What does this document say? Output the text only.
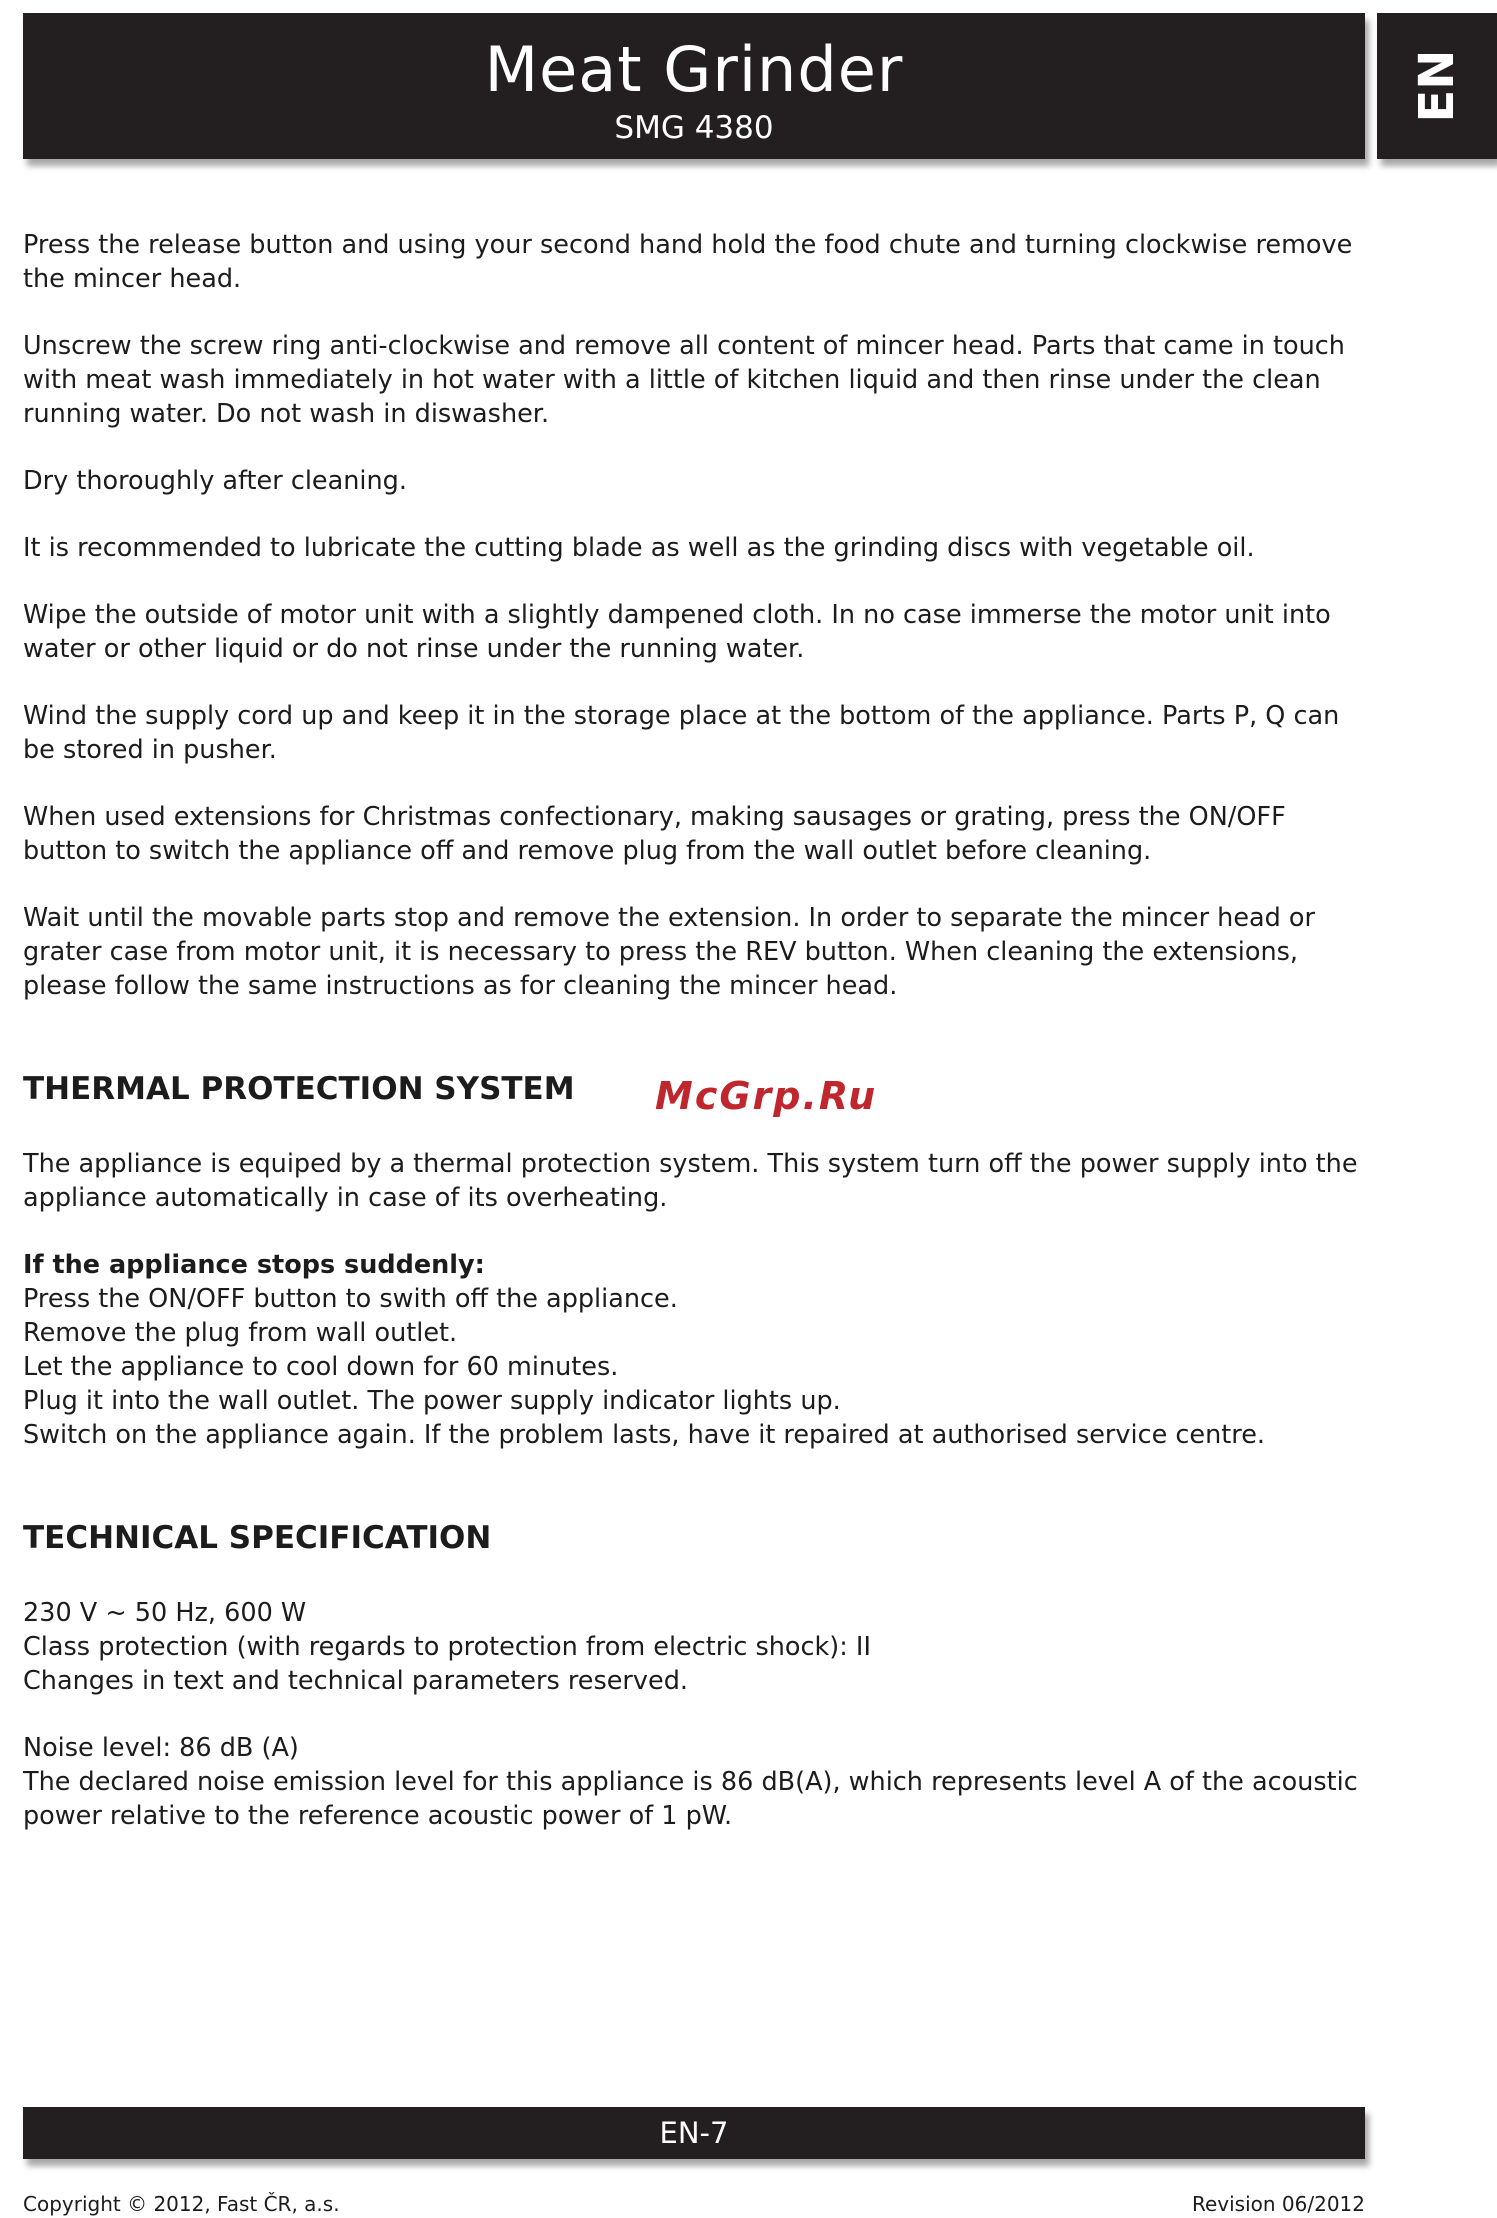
Meat Grinder
SMG 4380
EN

Press the release button and using your second hand hold the food chute and turning clockwise remove the mincer head.

Unscrew the screw ring anti-clockwise and remove all content of mincer head. Parts that came in touch with meat wash immediately in hot water with a little of kitchen liquid and then rinse under the clean running water. Do not wash in diswasher.

Dry thoroughly after cleaning.

It is recommended to lubricate the cutting blade as well as the grinding discs with vegetable oil.

Wipe the outside of motor unit with a slightly dampened cloth. In no case immerse the motor unit into water or other liquid or do not rinse under the running water.

Wind the supply cord up and keep it in the storage place at the bottom of the appliance. Parts P, Q can be stored in pusher.

When used extensions for Christmas confectionary, making sausages or grating, press the ON/OFF button to switch the appliance off and remove plug from the wall outlet before cleaning.

Wait until the movable parts stop and remove the extension. In order to separate the mincer head or grater case from motor unit, it is necessary to press the REV button. When cleaning the extensions, please follow the same instructions as for cleaning the mincer head.

THERMAL PROTECTION SYSTEM	McGrp.Ru

The appliance is equiped by a thermal protection system. This system turn off the power supply into the appliance automatically in case of its overheating.

If the appliance stops suddenly:
Press the ON/OFF button to swith off the appliance.
Remove the plug from wall outlet.
Let the appliance to cool down for 60 minutes.
Plug it into the wall outlet. The power supply indicator lights up.
Switch on the appliance again. If the problem lasts, have it repaired at authorised service centre.
TECHNICAL SPECIFICATION
230 V ~ 50 Hz, 600 W
Class protection (with regards to protection from electric shock): II
Changes in text and technical parameters reserved.
Noise level: 86 dB (A)
The declared noise emission level for this appliance is 86 dB(A), which represents level A of the acoustic power relative to the reference acoustic power of 1 pW.
EN-7
Copyright © 2012, Fast ČR, a.s.	Revision 06/2012
